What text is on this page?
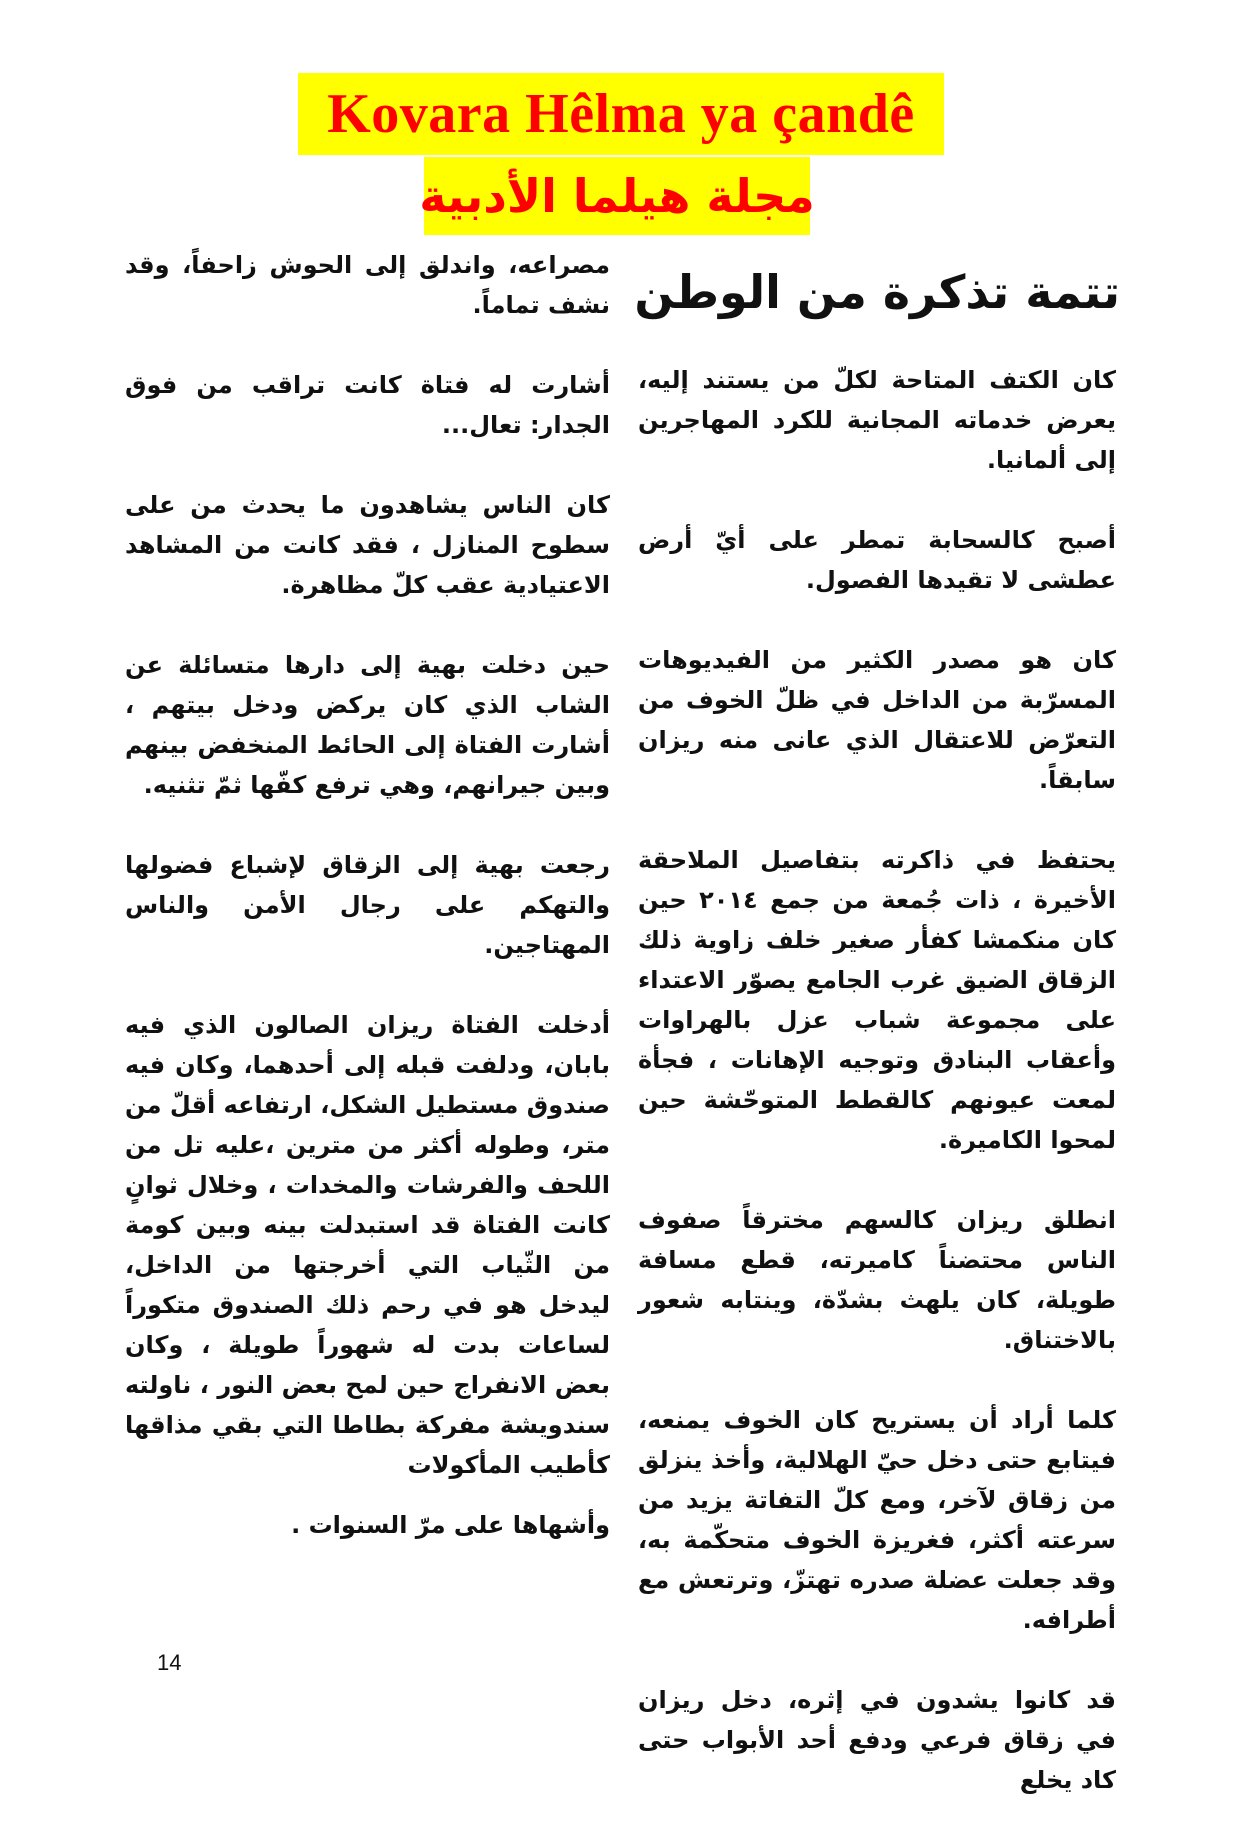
Kovara Hêlma ya çandê
مجلة هيلما الأدبية
تتمة تذكرة من الوطن

كان الكتف المتاحة لكلّ من يستند إليه، يعرض خدماته المجانية للكرد المهاجرين إلى ألمانيا.

أصبح كالسحابة تمطر على أيّ أرض عطشى لا تقيدها الفصول.

كان هو مصدر الكثير من الفيديوهات المسرّبة من الداخل في ظلّ الخوف من التعرّض للاعتقال الذي عانى منه ريزان سابقاً.

يحتفظ في ذاكرته بتفاصيل الملاحقة الأخيرة ، ذات جُمعة من جمع ٢٠١٤ حين كان منكمشا كفأر صغير خلف زاوية ذلك الزقاق الضيق غرب الجامع يصوّر الاعتداء على مجموعة شباب عزل بالهراوات وأعقاب البنادق وتوجيه الإهانات ، فجأة لمعت عيونهم كالقطط المتوحّشة حين لمحوا الكاميرة.

انطلق ريزان كالسهم مخترقاً صفوف الناس محتضناً كاميرته، قطع مسافة طويلة، كان يلهث بشدّة، وينتابه شعور بالاختناق.

كلما أراد أن يستريح كان الخوف يمنعه، فيتابع حتى دخل حيّ الهلالية، وأخذ ينزلق من زقاق لآخر، ومع كلّ التفاتة يزيد من سرعته أكثر، فغريزة الخوف متحكّمة به، وقد جعلت عضلة صدره تهتزّ، وترتعش مع أطرافه.

قد كانوا يشدون في إثره، دخل ريزان في زقاق فرعي ودفع أحد الأبواب حتى كاد يخلع

مصراعه، واندلق إلى الحوش زاحفاً، وقد نشف تماماً.

أشارت له فتاة كانت تراقب من فوق الجدار: تعال...

كان الناس يشاهدون ما يحدث من على سطوح المنازل ، فقد كانت من المشاهد الاعتيادية عقب كلّ مظاهرة.

حين دخلت بهية إلى دارها متسائلة عن الشاب الذي كان يركض ودخل بيتهم ، أشارت الفتاة إلى الحائط المنخفض بينهم وبين جيرانهم، وهي ترفع كفّها ثمّ تثنيه.

رجعت بهية إلى الزقاق لإشباع فضولها والتهكم على رجال الأمن والناس المهتاجين.

أدخلت الفتاة ريزان الصالون الذي فيه بابان، ودلفت قبله إلى أحدهما، وكان فيه صندوق مستطيل الشكل، ارتفاعه أقلّ من متر، وطوله أكثر من مترين ،عليه تل من اللحف والفرشات والمخدات ، وخلال ثوانٍ كانت الفتاة قد استبدلت بينه وبين كومة من الثّياب التي أخرجتها من الداخل، ليدخل هو في رحم ذلك الصندوق متكوراً لساعات بدت له شهوراً طويلة ، وكان بعض الانفراج حين لمح بعض النور ، ناولته سندويشة مفركة بطاطا التي بقي مذاقها كأطيب المأكولات

وأشهاها على مرّ السنوات .

14
